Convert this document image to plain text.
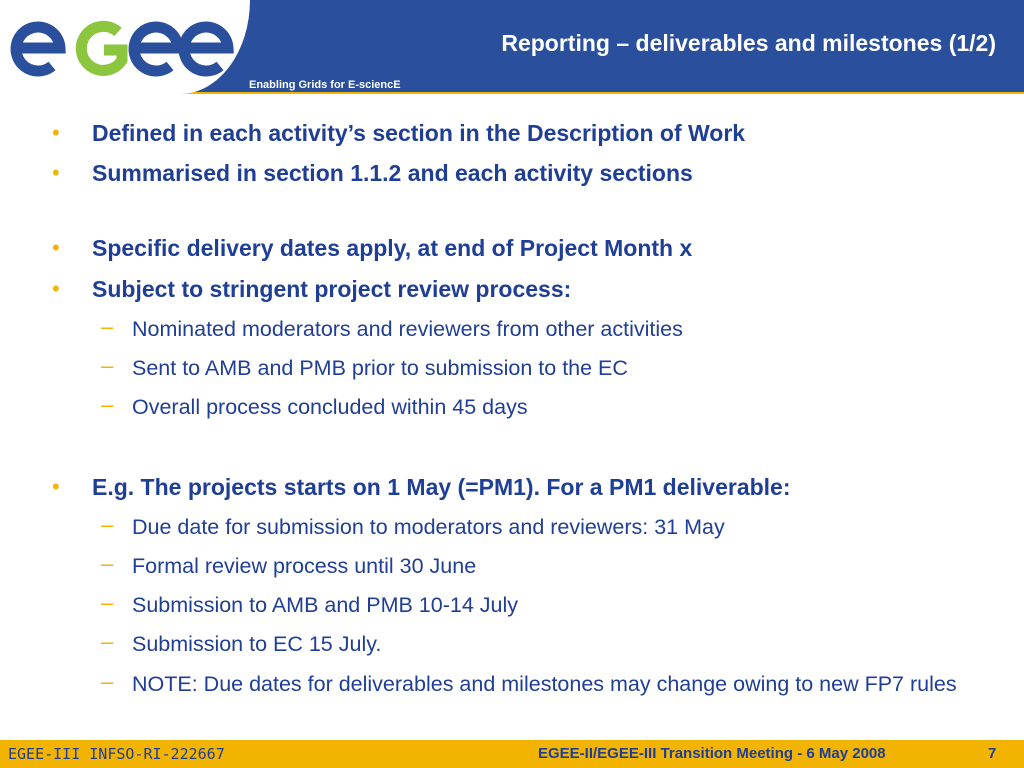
Enabling Grids for E-sciencE
Reporting – deliverables and milestones (1/2)
• Defined in each activity’s section in the Description of Work
• Summarised in section 1.1.2 and each activity sections
• Specific delivery dates apply, at end of Project Month x
• Subject to stringent project review process:
– Nominated moderators and reviewers from other activities
– Sent to AMB and PMB prior to submission to the EC
– Overall process concluded within 45 days
• E.g. The projects starts on 1 May (=PM1). For a PM1 deliverable:
– Due date for submission to moderators and reviewers: 31 May
– Formal review process until 30 June
– Submission to AMB and PMB 10-14 July
– Submission to EC 15 July.
– NOTE: Due dates for deliverables and milestones may change owing to new FP7 rules
EGEE-III INFSO-RI-222667	EGEE-II/EGEE-III Transition Meeting - 6 May 2008	7
